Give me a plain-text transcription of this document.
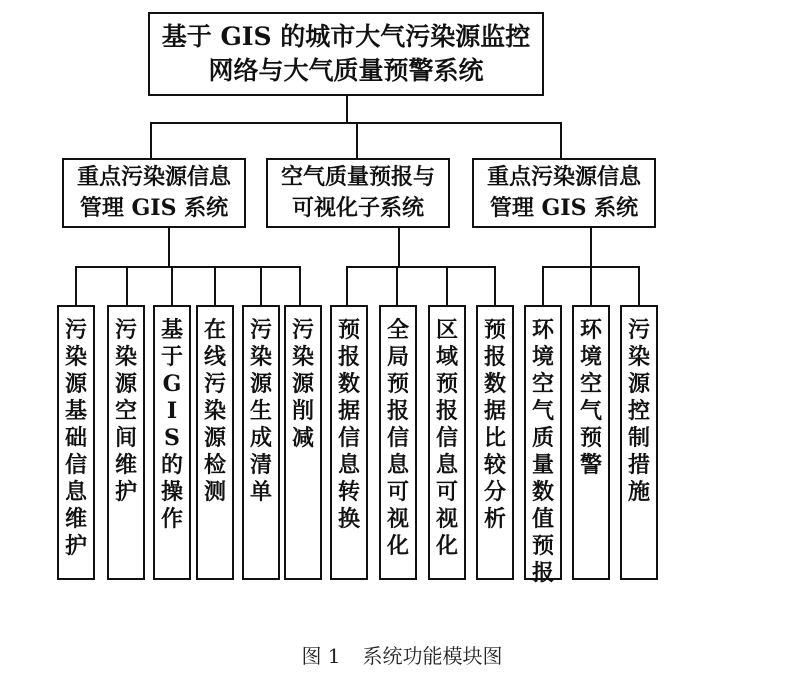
基于 GIS 的城市大气污染源监控
网络与大气质量预警系统
重点污染源信息
管理 GIS 系统
空气质量预报与
可视化子系统
重点污染源信息
管理 GIS 系统
污染源基础信息维护
污染源空间维护
基于GIS的操作
在线污染源检测
污染源生成清单
污染源削减
预报数据信息转换
全局预报信息可视化
区域预报信息可视化
预报数据比较分析
环境空气质量数值预报
环境空气预警
污染源控制措施
图 1 系统功能模块图
